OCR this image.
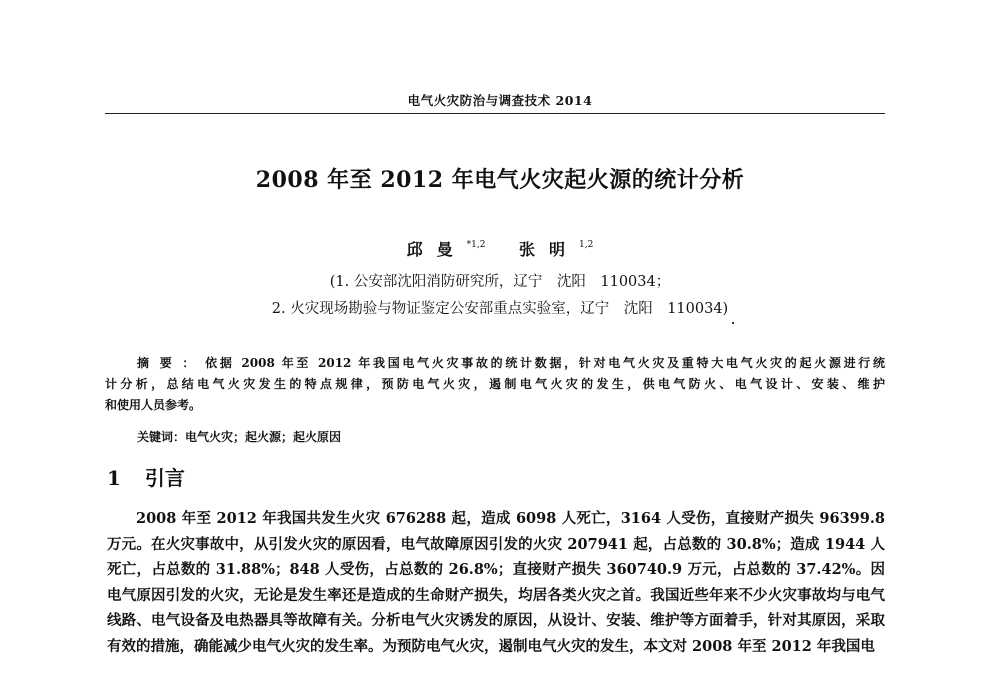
电气火灾防治与调查技术 2014
2008 年至 2012 年电气火灾起火源的统计分析
邱曼$^{*1,2}$ 张明$^{1,2}$
(1. 公安部沈阳消防研究所，辽宁　沈阳　110034；
2. 火灾现场勘验与物证鉴定公安部重点实验室，辽宁　沈阳　110034)
摘要：依据 2008 年至 2012 年我国电气火灾事故的统计数据，针对电气火灾及重特大电气火灾的起火源进行统
计分析，总结电气火灾发生的特点规律，预防电气火灾，遏制电气火灾的发生，供电气防火、电气设计、安装、维护
和使用人员参考。
关键词：电气火灾；起火源；起火原因
1 引言

2008 年至 2012 年我国共发生火灾 676288 起，造成 6098 人死亡，3164 人受伤，直接财产损失 96399.8 万元。在火灾事故中，从引发火灾的原因看，电气故障原因引发的火灾 207941 起，占总数的 30.8%；造成 1944 人死亡，占总数的 31.88%；848 人受伤，占总数的 26.8%；直接财产损失 360740.9 万元，占总数的 37.42%。因电气原因引发的火灾，无论是发生率还是造成的生命财产损失，均居各类火灾之首。我国近些年来不少火灾事故均与电气线路、电气设备及电热器具等故障有关。分析电气火灾诱发的原因，从设计、安装、维护等方面着手，针对其原因，采取有效的措施，确能减少电气火灾的发生率。为预防电气火灾，遏制电气火灾的发生，本文对 2008 年至 2012 年我国电
